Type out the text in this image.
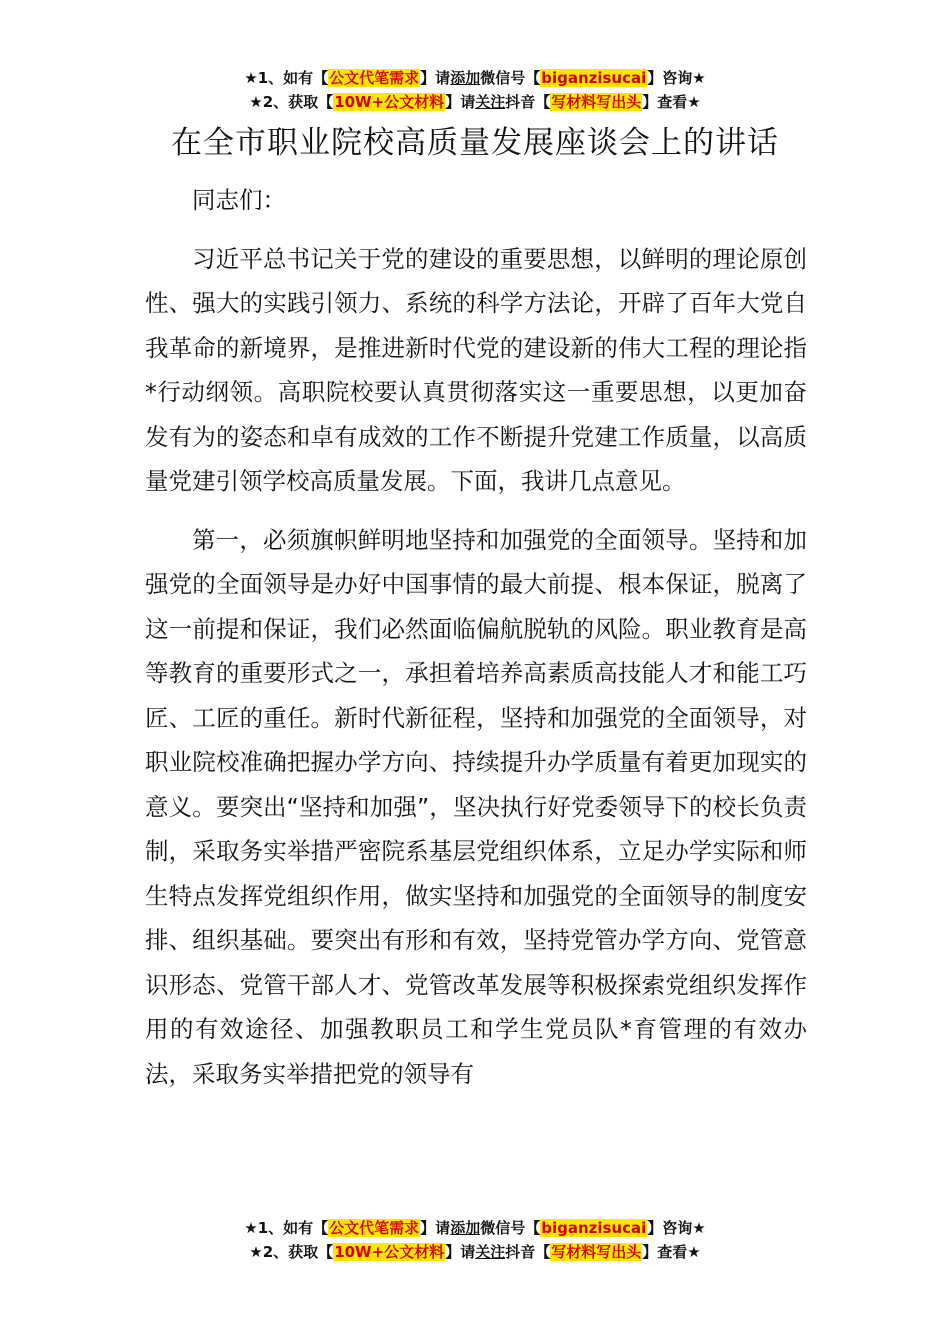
★1、如有【公文代笔需求】请添加微信号【biganzisucai】咨询★
★2、获取【10W+公文材料】请关注抖音【写材料写出头】查看★
在全市职业院校高质量发展座谈会上的讲话

同志们：

习近平总书记关于党的建设的重要思想，以鲜明的理论原创性、强大的实践引领力、系统的科学方法论，开辟了百年大党自我革命的新境界，是推进新时代党的建设新的伟大工程的理论指*行动纲领。高职院校要认真贯彻落实这一重要思想，以更加奋发有为的姿态和卓有成效的工作不断提升党建工作质量，以高质量党建引领学校高质量发展。下面，我讲几点意见。

第一，必须旗帜鲜明地坚持和加强党的全面领导。坚持和加强党的全面领导是办好中国事情的最大前提、根本保证，脱离了这一前提和保证，我们必然面临偏航脱轨的风险。职业教育是高等教育的重要形式之一，承担着培养高素质高技能人才和能工巧匠、工匠的重任。新时代新征程，坚持和加强党的全面领导，对职业院校准确把握办学方向、持续提升办学质量有着更加现实的意义。要突出“坚持和加强”，坚决执行好党委领导下的校长负责制，采取务实举措严密院系基层党组织体系，立足办学实际和师生特点发挥党组织作用，做实坚持和加强党的全面领导的制度安排、组织基础。要突出有形和有效，坚持党管办学方向、党管意识形态、党管干部人才、党管改革发展等积极探索党组织发挥作用的有效途径、加强教职员工和学生党员队*育管理的有效办法，采取务实举措把党的领导有

★1、如有【公文代笔需求】请添加微信号【biganzisucai】咨询★
★2、获取【10W+公文材料】请关注抖音【写材料写出头】查看★
